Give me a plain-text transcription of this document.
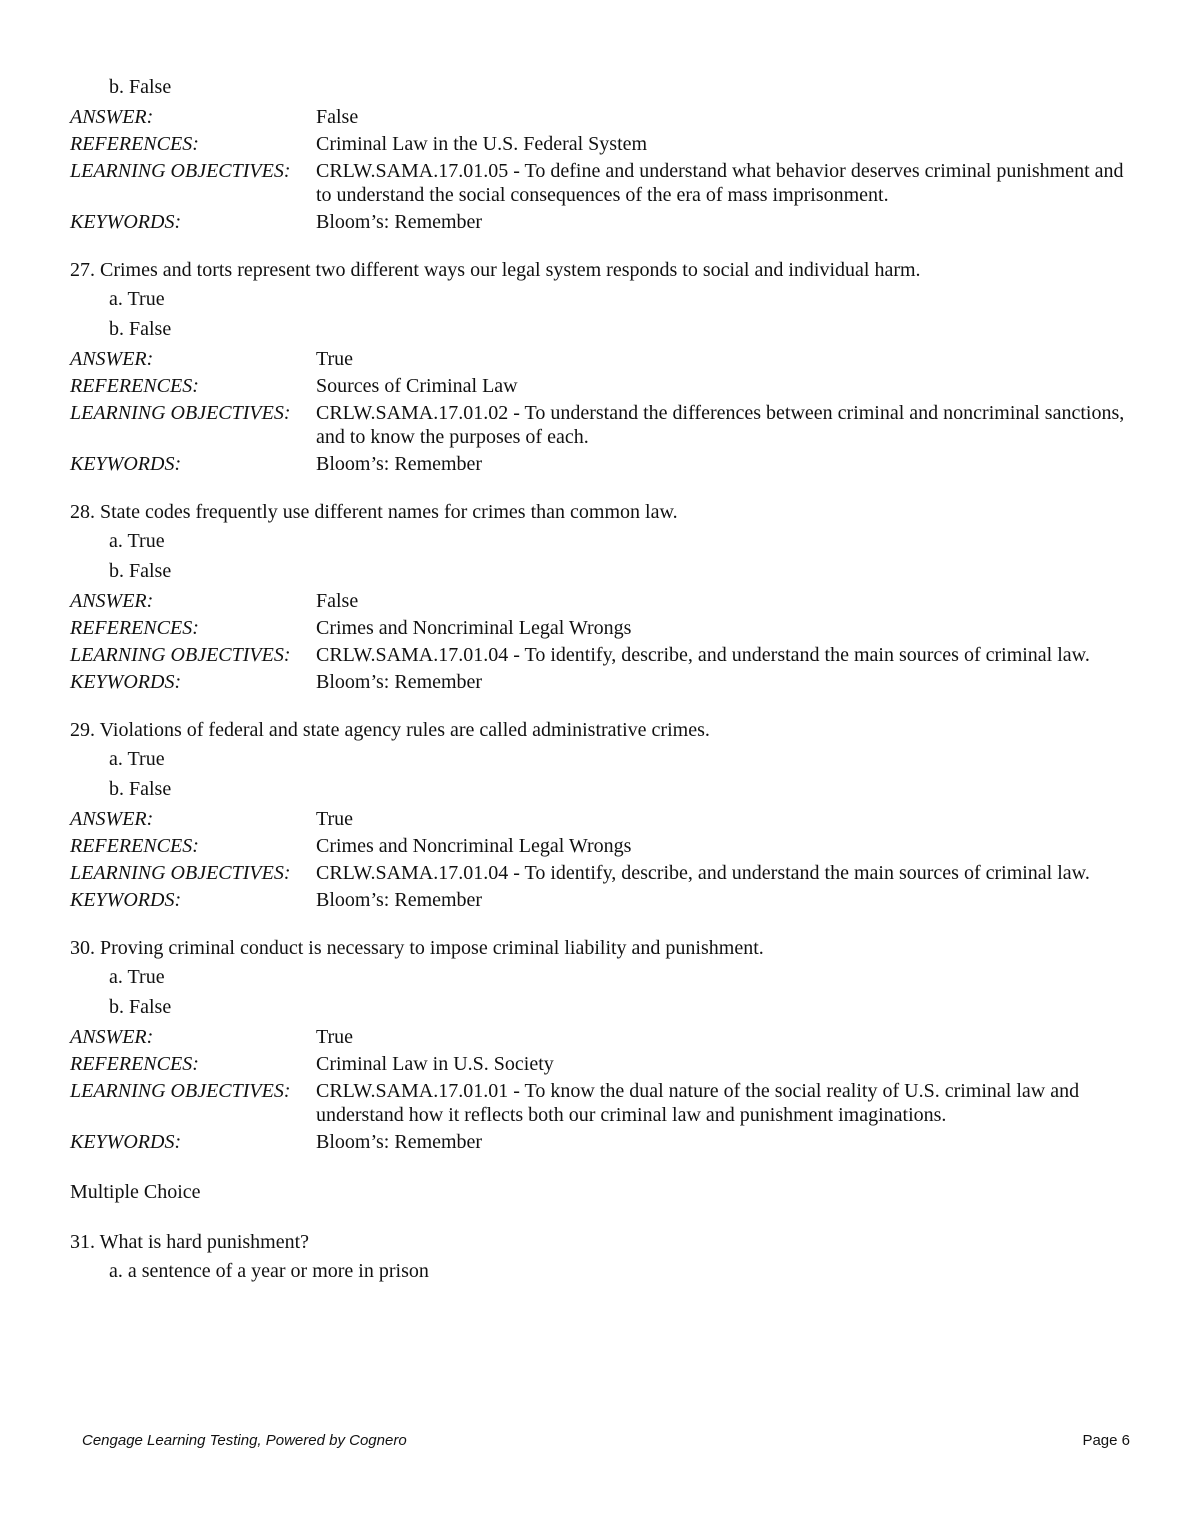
b. False
ANSWER:	False
REFERENCES:	Criminal Law in the U.S. Federal System
LEARNING OBJECTIVES:	CRLW.SAMA.17.01.05 - To define and understand what behavior deserves criminal punishment and to understand the social consequences of the era of mass imprisonment.
KEYWORDS:	Bloom’s: Remember
27. Crimes and torts represent two different ways our legal system responds to social and individual harm.
a. True
b. False
ANSWER:	True
REFERENCES:	Sources of Criminal Law
LEARNING OBJECTIVES:	CRLW.SAMA.17.01.02 - To understand the differences between criminal and noncriminal sanctions, and to know the purposes of each.
KEYWORDS:	Bloom’s: Remember
28. State codes frequently use different names for crimes than common law.
a. True
b. False
ANSWER:	False
REFERENCES:	Crimes and Noncriminal Legal Wrongs
LEARNING OBJECTIVES:	CRLW.SAMA.17.01.04 - To identify, describe, and understand the main sources of criminal law.
KEYWORDS:	Bloom’s: Remember
29. Violations of federal and state agency rules are called administrative crimes.
a. True
b. False
ANSWER:	True
REFERENCES:	Crimes and Noncriminal Legal Wrongs
LEARNING OBJECTIVES:	CRLW.SAMA.17.01.04 - To identify, describe, and understand the main sources of criminal law.
KEYWORDS:	Bloom’s: Remember
30. Proving criminal conduct is necessary to impose criminal liability and punishment.
a. True
b. False
ANSWER:	True
REFERENCES:	Criminal Law in U.S. Society
LEARNING OBJECTIVES:	CRLW.SAMA.17.01.01 - To know the dual nature of the social reality of U.S. criminal law and understand how it reflects both our criminal law and punishment imaginations.
KEYWORDS:	Bloom’s: Remember
Multiple Choice
31. What is hard punishment?
a. a sentence of a year or more in prison
Cengage Learning Testing, Powered by Cognero	Page 6
